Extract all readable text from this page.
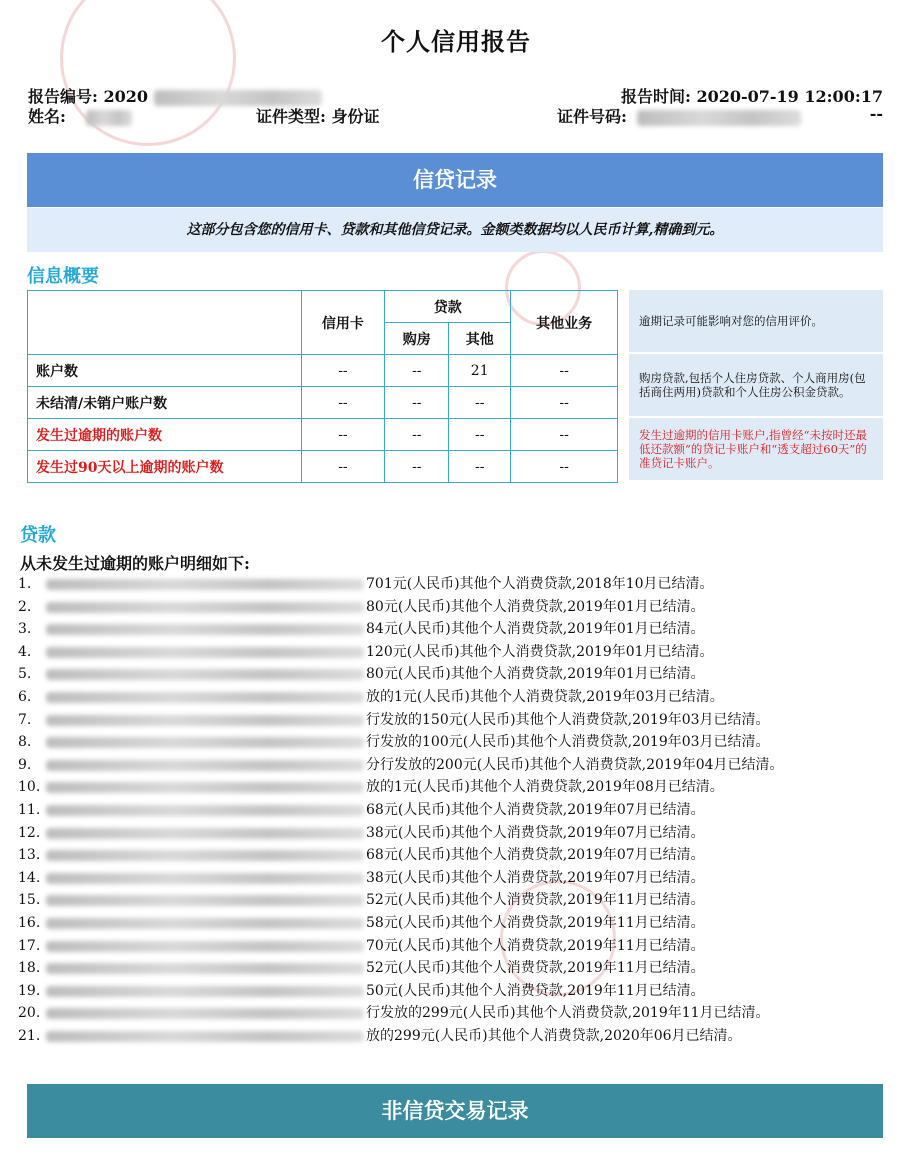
个人信用报告
报告编号: 2020	报告时间: 2020-07-19 12:00:17
姓名:	证件类型: 身份证	证件号码:	--
信贷记录
这部分包含您的信用卡、贷款和其他信贷记录。金额类数据均以人民币计算,精确到元。
信息概要
	信用卡	贷款		其他业务
		购房	其他	
账户数	--	--	21	--
未结清/未销户账户数	--	--	--	--
发生过逾期的账户数	--	--	--	--
发生过90天以上逾期的账户数	--	--	--	--
逾期记录可能影响对您的信用评价。
购房贷款,包括个人住房贷款、个人商用房(包括商住两用)贷款和个人住房公积金贷款。
发生过逾期的信用卡账户,指曾经“未按时还最低还款额”的贷记卡账户和“透支超过60天”的准贷记卡账户。
贷款
从未发生过逾期的账户明细如下:
1.	701元(人民币)其他个人消费贷款,2018年10月已结清。
2.	80元(人民币)其他个人消费贷款,2019年01月已结清。
3.	84元(人民币)其他个人消费贷款,2019年01月已结清。
4.	120元(人民币)其他个人消费贷款,2019年01月已结清。
5.	80元(人民币)其他个人消费贷款,2019年01月已结清。
6.	放的1元(人民币)其他个人消费贷款,2019年03月已结清。
7.	行发放的150元(人民币)其他个人消费贷款,2019年03月已结清。
8.	行发放的100元(人民币)其他个人消费贷款,2019年03月已结清。
9.	分行发放的200元(人民币)其他个人消费贷款,2019年04月已结清。
10.	放的1元(人民币)其他个人消费贷款,2019年08月已结清。
11.	68元(人民币)其他个人消费贷款,2019年07月已结清。
12.	38元(人民币)其他个人消费贷款,2019年07月已结清。
13.	68元(人民币)其他个人消费贷款,2019年07月已结清。
14.	38元(人民币)其他个人消费贷款,2019年07月已结清。
15.	52元(人民币)其他个人消费贷款,2019年11月已结清。
16.	58元(人民币)其他个人消费贷款,2019年11月已结清。
17.	70元(人民币)其他个人消费贷款,2019年11月已结清。
18.	52元(人民币)其他个人消费贷款,2019年11月已结清。
19.	50元(人民币)其他个人消费贷款,2019年11月已结清。
20.	行发放的299元(人民币)其他个人消费贷款,2019年11月已结清。
21.	放的299元(人民币)其他个人消费贷款,2020年06月已结清。
非信贷交易记录
